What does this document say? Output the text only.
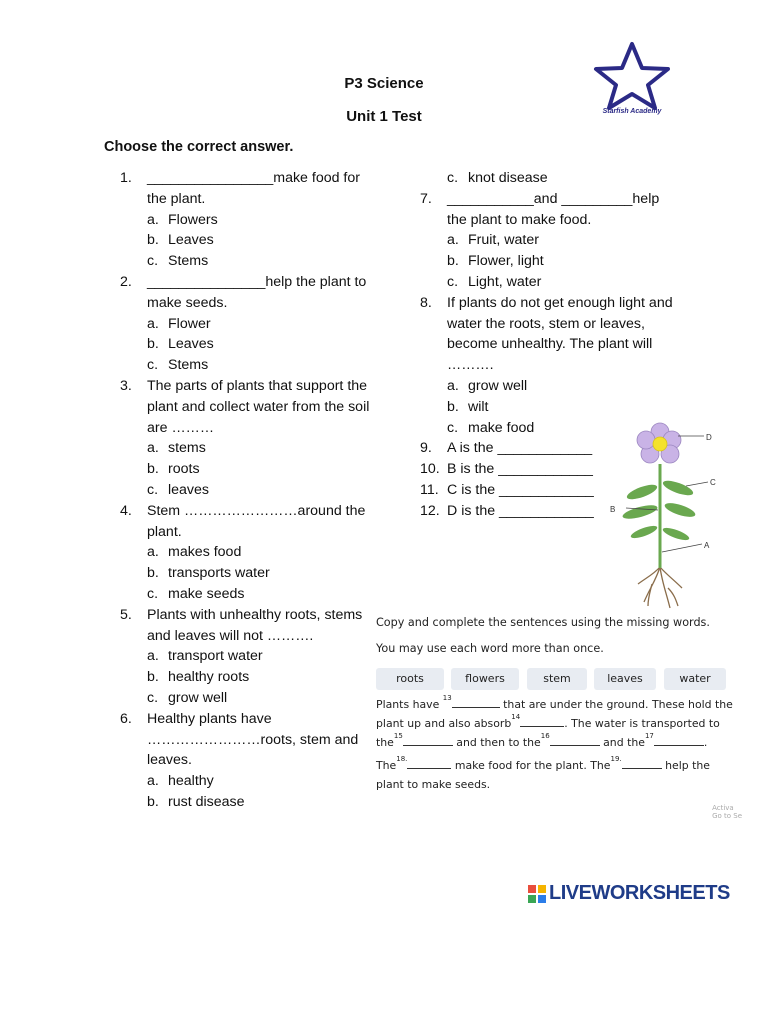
P3 Science
Unit 1 Test	Starfish Academy
Choose the correct answer.
1. ________________make food for the plant.
a. Flowers
b. Leaves
c. Stems
2. _______________help the plant to make seeds.
a. Flower
b. Leaves
c. Stems
3. The parts of plants that support the plant and collect water from the soil are ………
a. stems
b. roots
c. leaves
4. Stem ……………………around the plant.
a. makes food
b. transports water
c. make seeds
5. Plants with unhealthy roots, stems and leaves will not ……….
a. transport water
b. healthy roots
c. grow well
6. Healthy plants have ……………………roots, stem and leaves.
a. healthy
b. rust disease
c. knot disease
7. ___________and _________help the plant to make food.
a. Fruit, water
b. Flower, light
c. Light, water
8. If plants do not get enough light and water the roots, stem or leaves, become unhealthy. The plant will ……….
a. grow well
b. wilt
c. make food
9. A is the ____________
10. B is the ____________
11. C is the ____________
12. D is the ____________
D
C
B
A
Copy and complete the sentences using the missing words.
You may use each word more than once.
roots	flowers	stem	leaves	water
Plants have $^{13}$	that are under the ground. These hold the
plant up and also absorb$^{14}$	. The water is transported to
the$^{15}$	and then to the$^{16}$	and the$^{17}$	.
The$^{18.}$	make food for the plant. The$^{19.}$	help the
plant to make seeds.
Activa
Go to Se
LIVEWORKSHEETS
